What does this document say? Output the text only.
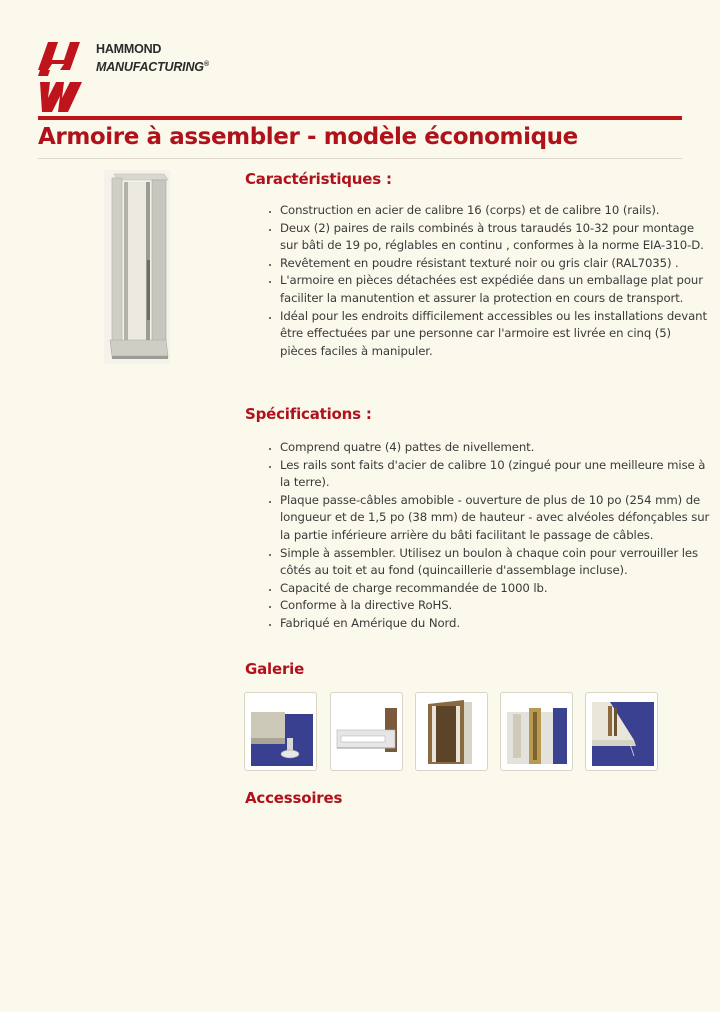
HAMMOND
MANUFACTURING®
Armoire à assembler - modèle économique
Caractéristiques :
• Construction en acier de calibre 16 (corps) et de calibre 10 (rails).
• Deux (2) paires de rails combinés à trous taraudés 10-32 pour montage sur bâti de 19 po, réglables en continu , conformes à la norme EIA-310-D.
• Revêtement en poudre résistant texturé noir ou gris clair (RAL7035) .
• L'armoire en pièces détachées est expédiée dans un emballage plat pour faciliter la manutention et assurer la protection en cours de transport.
• Idéal pour les endroits difficilement accessibles ou les installations devant être effectuées par une personne car l'armoire est livrée en cinq (5) pièces faciles à manipuler.
Spécifications :
• Comprend quatre (4) pattes de nivellement.
• Les rails sont faits d'acier de calibre 10 (zingué pour une meilleure mise à la terre).
• Plaque passe-câbles amobible - ouverture de plus de 10 po (254 mm) de longueur et de 1,5 po (38 mm) de hauteur - avec alvéoles défonçables sur la partie inférieure arrière du bâti facilitant le passage de câbles.
• Simple à assembler. Utilisez un boulon à chaque coin pour verrouiller les côtés au toit et au fond (quincaillerie d'assemblage incluse).
• Capacité de charge recommandée de 1000 lb.
• Conforme à la directive RoHS.
• Fabriqué en Amérique du Nord.
Galerie
Accessoires
